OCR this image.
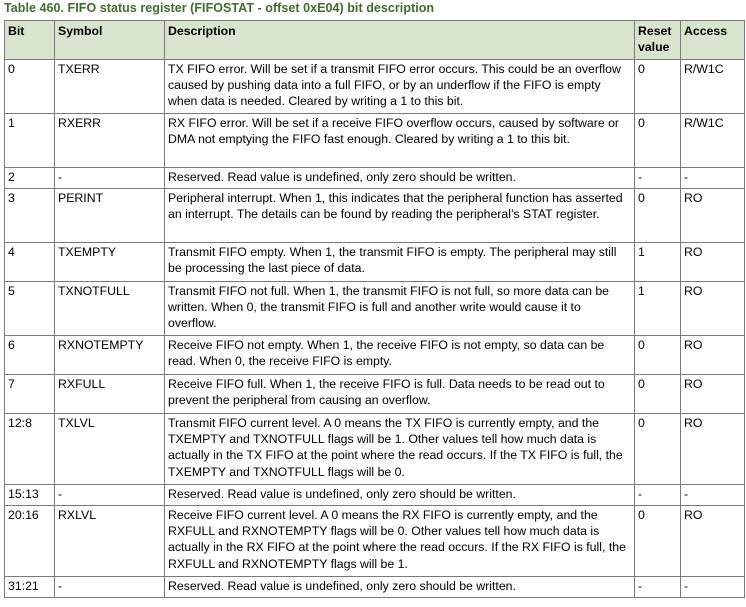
Table 460. FIFO status register (FIFOSTAT - offset 0xE04) bit description
Bit	Symbol	Description	Reset value	Access
0	TXERR	TX FIFO error. Will be set if a transmit FIFO error occurs. This could be an overflow caused by pushing data into a full FIFO, or by an underflow if the FIFO is empty when data is needed. Cleared by writing a 1 to this bit.	0	R/W1C
1	RXERR	RX FIFO error. Will be set if a receive FIFO overflow occurs, caused by software or DMA not emptying the FIFO fast enough. Cleared by writing a 1 to this bit.	0	R/W1C
2	-	Reserved. Read value is undefined, only zero should be written.	-	-
3	PERINT	Peripheral interrupt. When 1, this indicates that the peripheral function has asserted an interrupt. The details can be found by reading the peripheral’s STAT register.	0	RO
4	TXEMPTY	Transmit FIFO empty. When 1, the transmit FIFO is empty. The peripheral may still be processing the last piece of data.	1	RO
5	TXNOTFULL	Transmit FIFO not full. When 1, the transmit FIFO is not full, so more data can be written. When 0, the transmit FIFO is full and another write would cause it to overflow.	1	RO
6	RXNOTEMPTY	Receive FIFO not empty. When 1, the receive FIFO is not empty, so data can be read. When 0, the receive FIFO is empty.	0	RO
7	RXFULL	Receive FIFO full. When 1, the receive FIFO is full. Data needs to be read out to prevent the peripheral from causing an overflow.	0	RO
12:8	TXLVL	Transmit FIFO current level. A 0 means the TX FIFO is currently empty, and the TXEMPTY and TXNOTFULL flags will be 1. Other values tell how much data is actually in the TX FIFO at the point where the read occurs. If the TX FIFO is full, the TXEMPTY and TXNOTFULL flags will be 0.	0	RO
15:13	-	Reserved. Read value is undefined, only zero should be written.	-	-
20:16	RXLVL	Receive FIFO current level. A 0 means the RX FIFO is currently empty, and the RXFULL and RXNOTEMPTY flags will be 0. Other values tell how much data is actually in the RX FIFO at the point where the read occurs. If the RX FIFO is full, the RXFULL and RXNOTEMPTY flags will be 1.	0	RO
31:21	-	Reserved. Read value is undefined, only zero should be written.	-	-
